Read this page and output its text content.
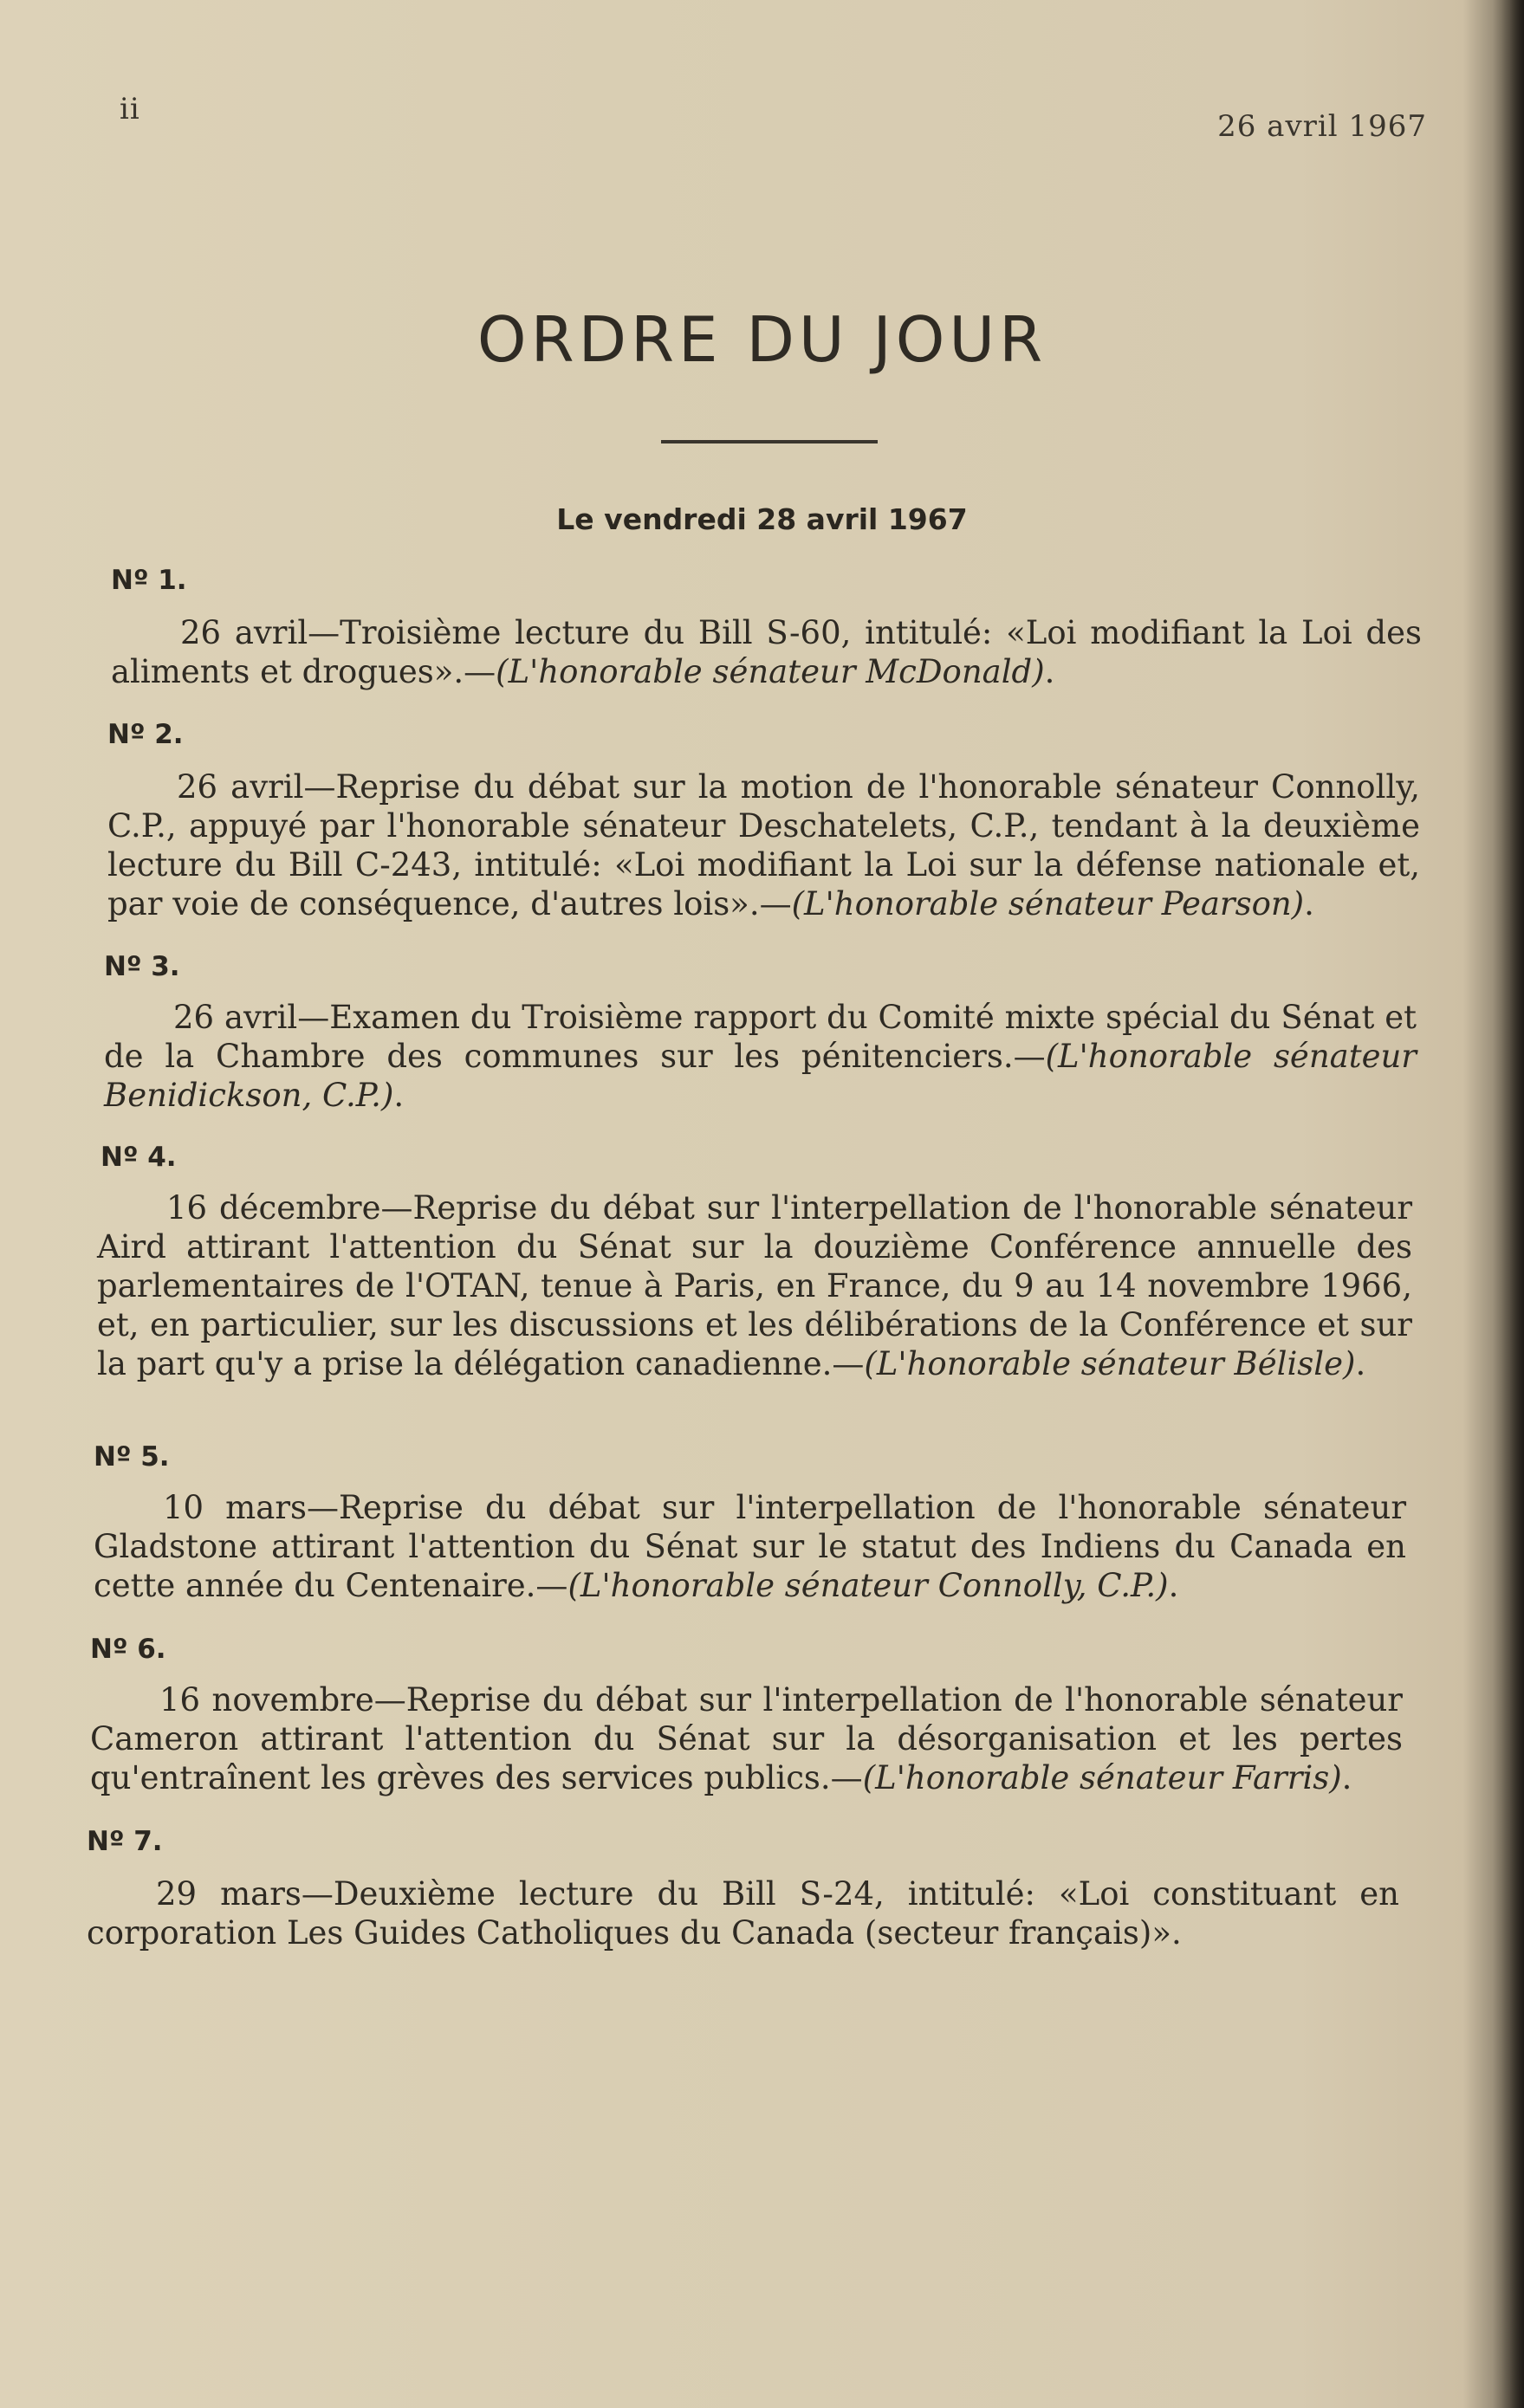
ii	26 avril 1967
ORDRE DU JOUR
Le vendredi 28 avril 1967
Nº 1.

26 avril—Troisième lecture du Bill S-60, intitulé: «Loi modifiant la Loi des aliments et drogues».—(L'honorable sénateur McDonald).

Nº 2.

26 avril—Reprise du débat sur la motion de l'honorable sénateur Connolly, C.P., appuyé par l'honorable sénateur Deschatelets, C.P., tendant à la deuxième lecture du Bill C-243, intitulé: «Loi modifiant la Loi sur la défense nationale et, par voie de conséquence, d'autres lois».—(L'honorable sénateur Pearson).

Nº 3.

26 avril—Examen du Troisième rapport du Comité mixte spécial du Sénat et de la Chambre des communes sur les pénitenciers.—(L'honorable sénateur Benidickson, C.P.).

Nº 4.

16 décembre—Reprise du débat sur l'interpellation de l'honorable sénateur Aird attirant l'attention du Sénat sur la douzième Conférence annuelle des parlementaires de l'OTAN, tenue à Paris, en France, du 9 au 14 novembre 1966, et, en particulier, sur les discussions et les délibérations de la Conférence et sur la part qu'y a prise la délégation canadienne.—(L'honorable sénateur Bélisle).

Nº 5.

10 mars—Reprise du débat sur l'interpellation de l'honorable sénateur Gladstone attirant l'attention du Sénat sur le statut des Indiens du Canada en cette année du Centenaire.—(L'honorable sénateur Connolly, C.P.).

Nº 6.

16 novembre—Reprise du débat sur l'interpellation de l'honorable sénateur Cameron attirant l'attention du Sénat sur la désorganisation et les pertes qu'entraînent les grèves des services publics.—(L'honorable sénateur Farris).

Nº 7.

29 mars—Deuxième lecture du Bill S-24, intitulé: «Loi constituant en corporation Les Guides Catholiques du Canada (secteur français)».
